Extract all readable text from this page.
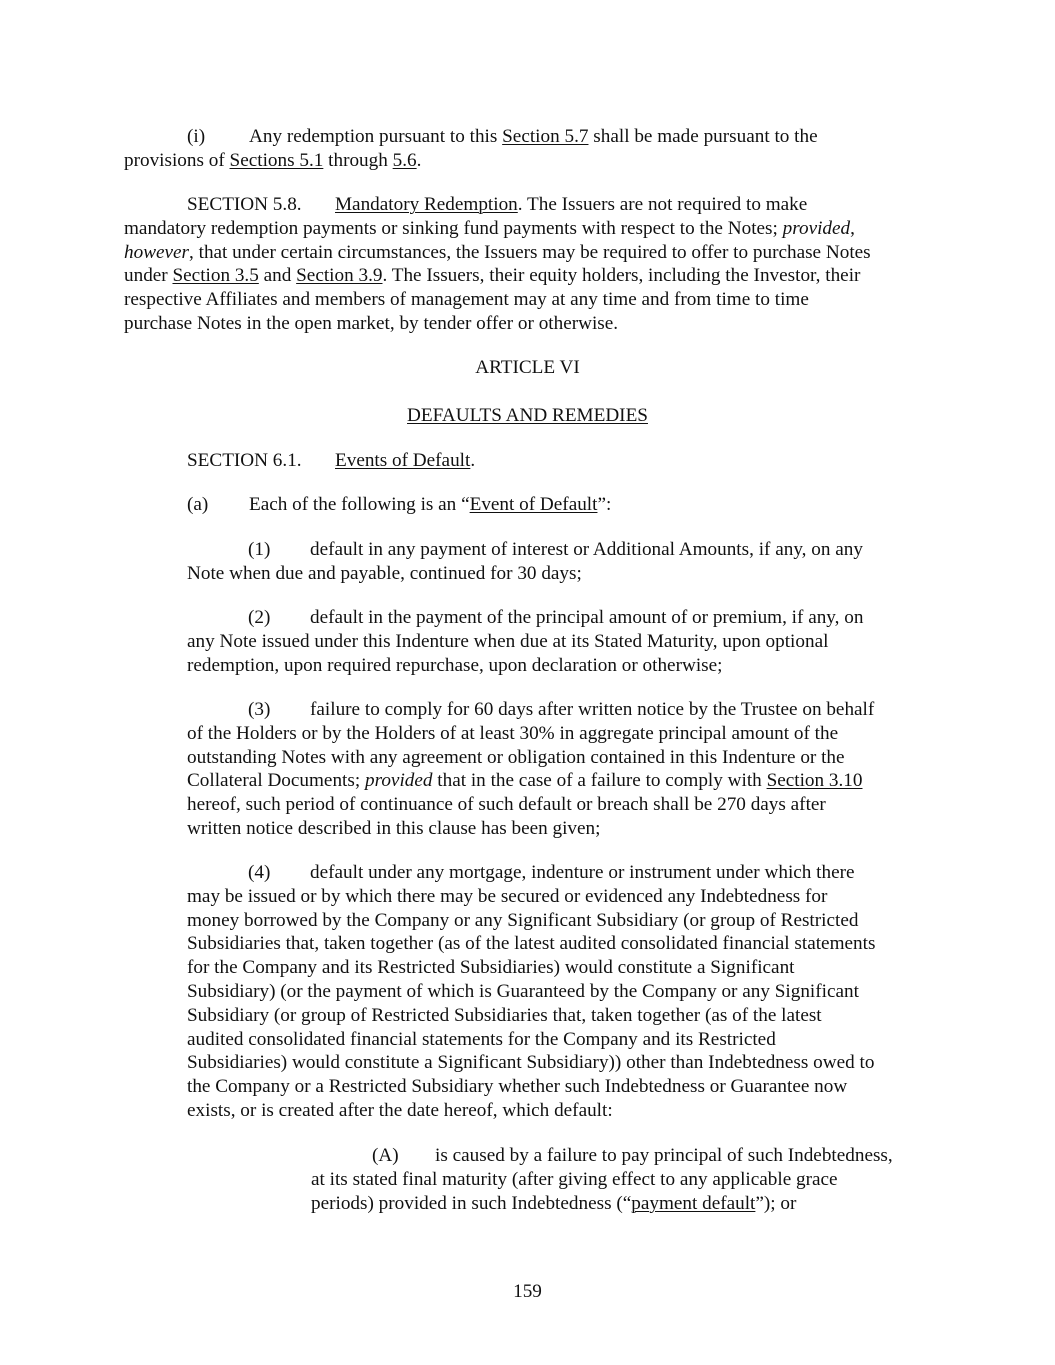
(i) Any redemption pursuant to this Section 5.7 shall be made pursuant to the
provisions of Sections 5.1 through 5.6.
SECTION 5.8. Mandatory Redemption. The Issuers are not required to make
mandatory redemption payments or sinking fund payments with respect to the Notes; provided,
however, that under certain circumstances, the Issuers may be required to offer to purchase Notes
under Section 3.5 and Section 3.9. The Issuers, their equity holders, including the Investor, their
respective Affiliates and members of management may at any time and from time to time
purchase Notes in the open market, by tender offer or otherwise.
ARTICLE VI
DEFAULTS AND REMEDIES
SECTION 6.1. Events of Default.
(a) Each of the following is an “Event of Default”:
(1) default in any payment of interest or Additional Amounts, if any, on any
Note when due and payable, continued for 30 days;
(2) default in the payment of the principal amount of or premium, if any, on
any Note issued under this Indenture when due at its Stated Maturity, upon optional
redemption, upon required repurchase, upon declaration or otherwise;
(3) failure to comply for 60 days after written notice by the Trustee on behalf
of the Holders or by the Holders of at least 30% in aggregate principal amount of the
outstanding Notes with any agreement or obligation contained in this Indenture or the
Collateral Documents; provided that in the case of a failure to comply with Section 3.10
hereof, such period of continuance of such default or breach shall be 270 days after
written notice described in this clause has been given;
(4) default under any mortgage, indenture or instrument under which there
may be issued or by which there may be secured or evidenced any Indebtedness for
money borrowed by the Company or any Significant Subsidiary (or group of Restricted
Subsidiaries that, taken together (as of the latest audited consolidated financial statements
for the Company and its Restricted Subsidiaries) would constitute a Significant
Subsidiary) (or the payment of which is Guaranteed by the Company or any Significant
Subsidiary (or group of Restricted Subsidiaries that, taken together (as of the latest
audited consolidated financial statements for the Company and its Restricted
Subsidiaries) would constitute a Significant Subsidiary)) other than Indebtedness owed to
the Company or a Restricted Subsidiary whether such Indebtedness or Guarantee now
exists, or is created after the date hereof, which default:
(A) is caused by a failure to pay principal of such Indebtedness,
at its stated final maturity (after giving effect to any applicable grace
periods) provided in such Indebtedness (“payment default”); or
159
